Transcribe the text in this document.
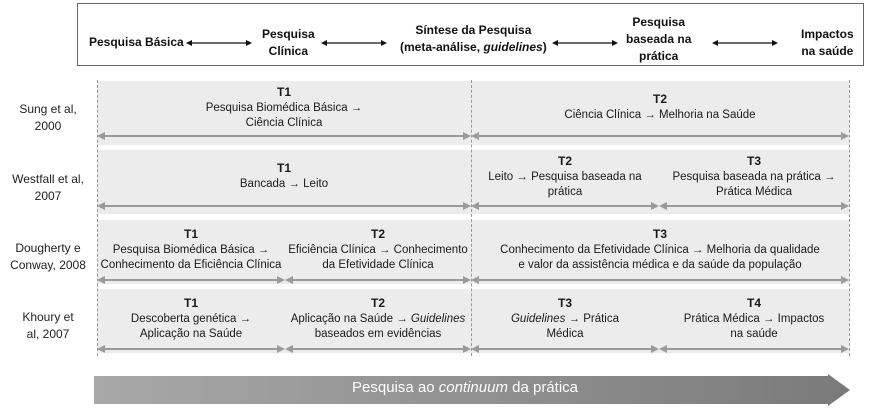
Pesquisa Básica
Pesquisa
Clínica
Síntese da Pesquisa
(meta-análise, guidelines)
Pesquisa
baseada na
prática
Impactos
na saúde
Sung et al,
2000
Westfall et al,
2007
Dougherty e
Conway, 2008
Khoury et
al, 2007
T1
Pesquisa Biomédica Básica →
Ciência Clínica
T2
Ciência Clínica → Melhoria na Saúde
T1
Bancada → Leito
T2
Leito → Pesquisa baseada na
prática
T3
Pesquisa baseada na prática →
Prática Médica
T1
Pesquisa Biomédica Básica →
Conhecimento da Eficiência Clínica
T2
Eficiência Clínica → Conhecimento
da Efetividade Clínica
T3
Conhecimento da Efetividade Clínica → Melhoria da qualidade
e valor da assistência médica e da saúde da população
T1
Descoberta genética →
Aplicação na Saúde
T2
Aplicação na Saúde → Guidelines
baseados em evidências
T3
Guidelines → Prática
Médica
T4
Prática Médica → Impactos
na saúde
Pesquisa ao continuum da prática
